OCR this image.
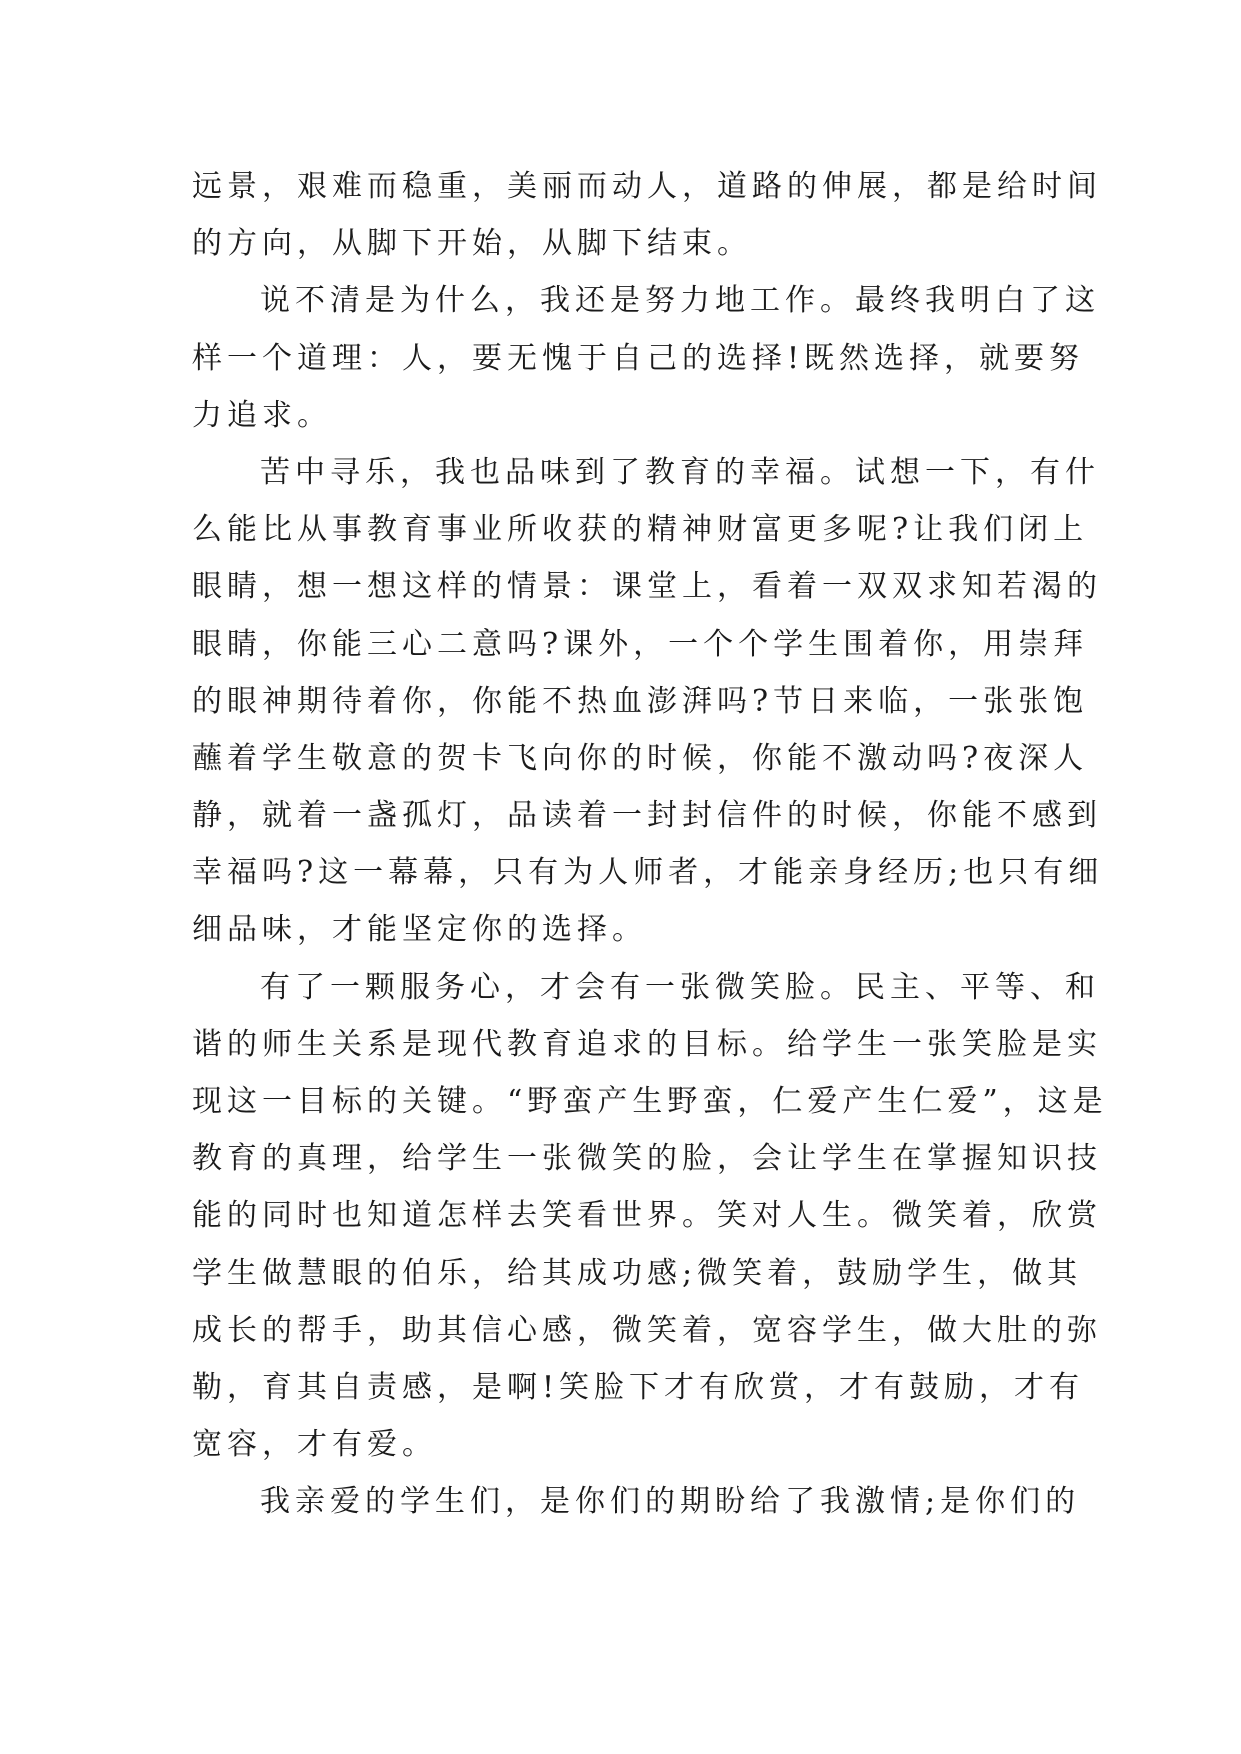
远景，艰难而稳重，美丽而动人，道路的伸展，都是给时间
的方向，从脚下开始，从脚下结束。
说不清是为什么，我还是努力地工作。最终我明白了这
样一个道理：人，要无愧于自己的选择!既然选择，就要努
力追求。
苦中寻乐，我也品味到了教育的幸福。试想一下，有什
么能比从事教育事业所收获的精神财富更多呢?让我们闭上
眼睛，想一想这样的情景：课堂上，看着一双双求知若渴的
眼睛，你能三心二意吗?课外，一个个学生围着你，用崇拜
的眼神期待着你，你能不热血澎湃吗?节日来临，一张张饱
蘸着学生敬意的贺卡飞向你的时候，你能不激动吗?夜深人
静，就着一盏孤灯，品读着一封封信件的时候，你能不感到
幸福吗?这一幕幕，只有为人师者，才能亲身经历;也只有细
细品味，才能坚定你的选择。
有了一颗服务心，才会有一张微笑脸。民主、平等、和
谐的师生关系是现代教育追求的目标。给学生一张笑脸是实
现这一目标的关键。“野蛮产生野蛮，仁爱产生仁爱”，这是
教育的真理，给学生一张微笑的脸，会让学生在掌握知识技
能的同时也知道怎样去笑看世界。笑对人生。微笑着，欣赏
学生做慧眼的伯乐，给其成功感;微笑着，鼓励学生，做其
成长的帮手，助其信心感，微笑着，宽容学生，做大肚的弥
勒，育其自责感，是啊!笑脸下才有欣赏，才有鼓励，才有
宽容，才有爱。
我亲爱的学生们，是你们的期盼给了我激情;是你们的
